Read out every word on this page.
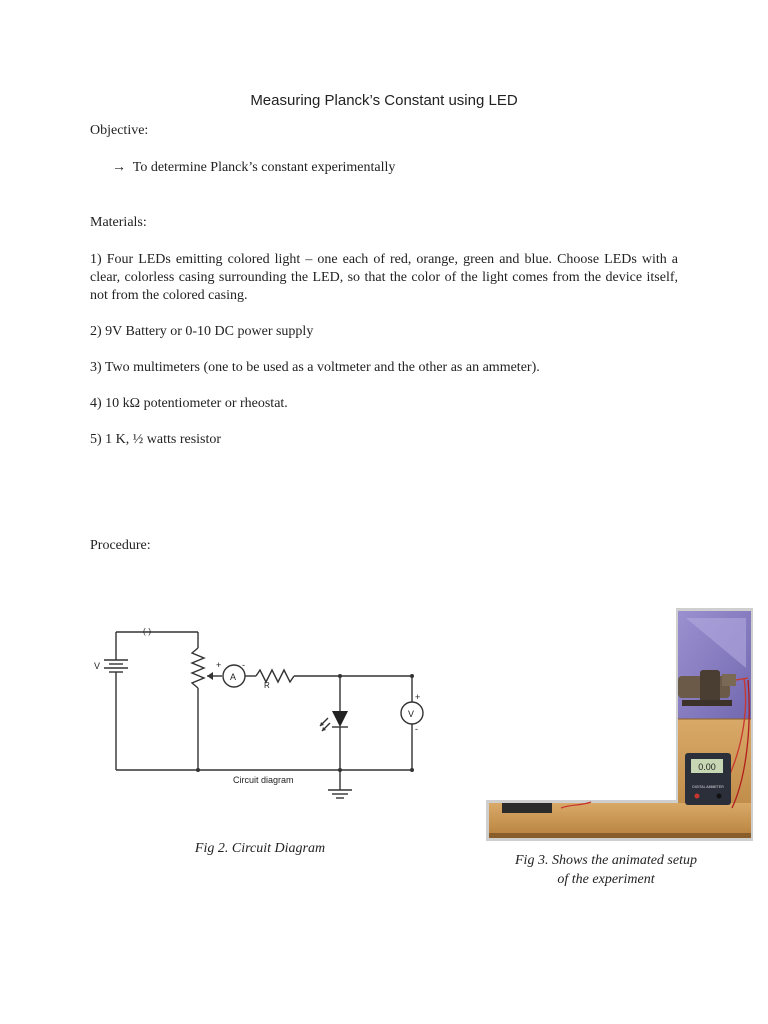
Measuring Planck’s Constant using LED
Objective:
→ To determine Planck’s constant experimentally
Materials:
1) Four LEDs emitting colored light – one each of red, orange, green and blue. Choose LEDs with a clear, colorless casing surrounding the LED, so that the color of the light comes from the device itself, not from the colored casing.
2) 9V Battery or 0-10 DC power supply
3) Two multimeters (one to be used as a voltmeter and the other as an ammeter).
4) 10 kΩ potentiometer or rheostat.
5) 1 K, ½ watts resistor
Procedure:
V
(-)
A
R
V
+ -
+
-
Circuit diagram
0.00
DIGITAL AMMETER
Fig 2. Circuit Diagram
Fig 3. Shows the animated setup
of the experiment
